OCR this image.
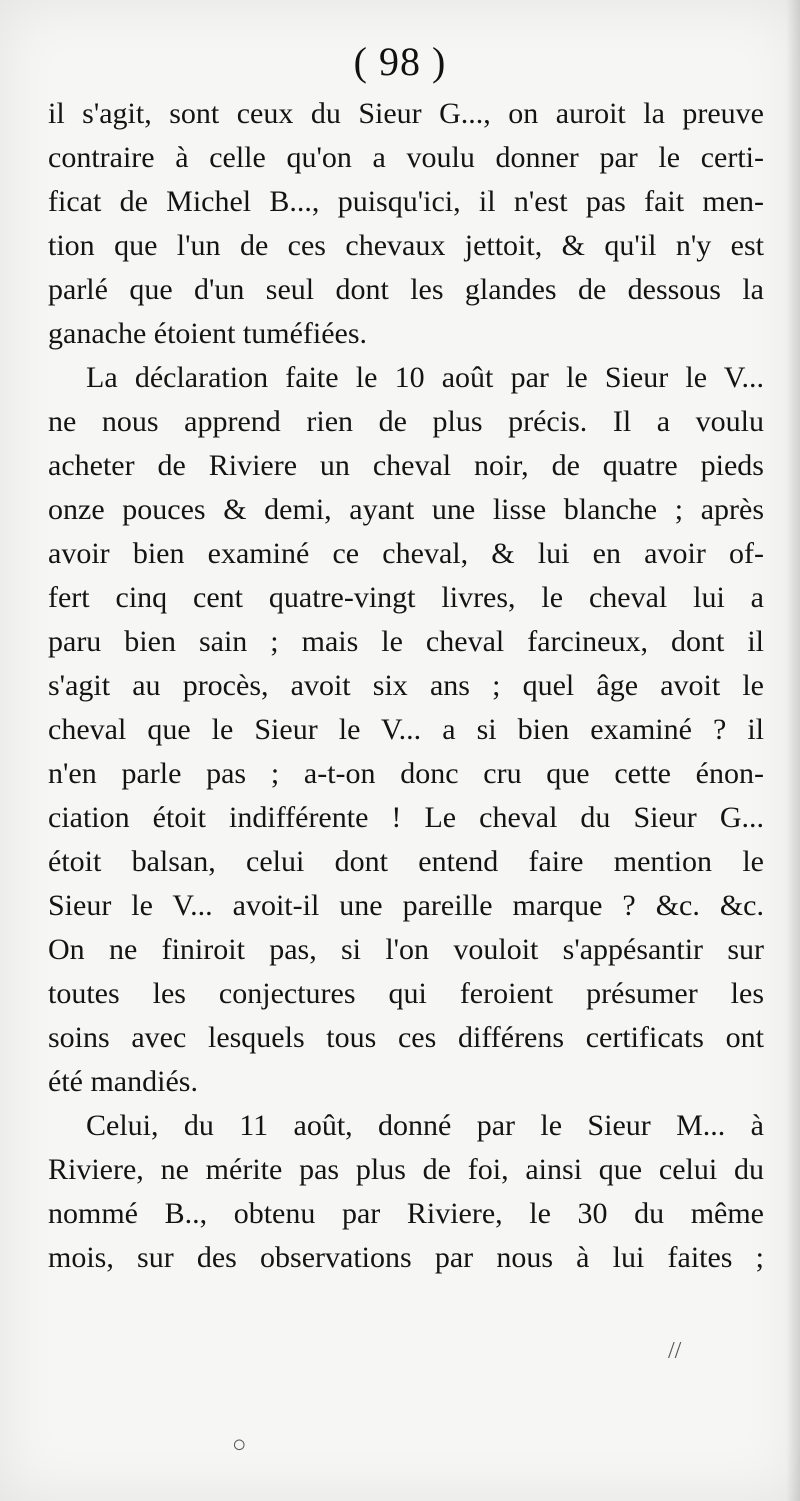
( 98 )
il s'agit, sont ceux du Sieur G..., on auroit la preuve
contraire à celle qu'on a voulu donner par le certi-
ficat de Michel B..., puisqu'ici, il n'est pas fait men-
tion que l'un de ces chevaux jettoit, & qu'il n'y est
parlé que d'un seul dont les glandes de dessous la
ganache étoient tuméfiées.
La déclaration faite le 10 août par le Sieur le V...
ne nous apprend rien de plus précis. Il a voulu
acheter de Riviere un cheval noir, de quatre pieds
onze pouces & demi, ayant une lisse blanche ; après
avoir bien examiné ce cheval, & lui en avoir of-
fert cinq cent quatre-vingt livres, le cheval lui a
paru bien sain ; mais le cheval farcineux, dont il
s'agit au procès, avoit six ans ; quel âge avoit le
cheval que le Sieur le V... a si bien examiné ? il
n'en parle pas ; a-t-on donc cru que cette énon-
ciation étoit indifférente ! Le cheval du Sieur G...
étoit balsan, celui dont entend faire mention le
Sieur le V... avoit-il une pareille marque ? &c. &c.
On ne finiroit pas, si l'on vouloit s'appésantir sur
toutes les conjectures qui feroient présumer les
soins avec lesquels tous ces différens certificats ont
été mandiés.
Celui, du 11 août, donné par le Sieur M... à
Riviere, ne mérite pas plus de foi, ainsi que celui du
nommé B.., obtenu par Riviere, le 30 du même
mois, sur des observations par nous à lui faites ;
//
○
